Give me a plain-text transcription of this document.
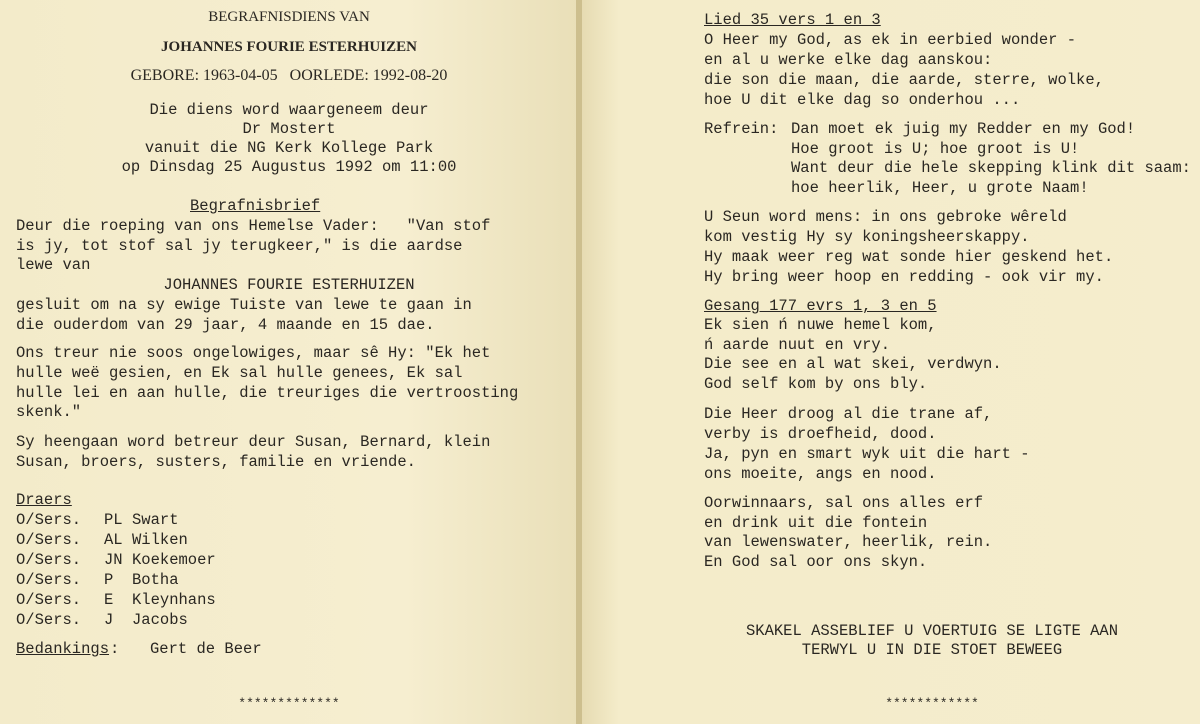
BEGRAFNISDIENS VAN
JOHANNES FOURIE ESTERHUIZEN
GEBORE: 1963-04-05   OORLEDE: 1992-08-20
Die diens word waargeneem deur
Dr Mostert
vanuit die NG Kerk Kollege Park
op Dinsdag 25 Augustus 1992 om 11:00
Begrafnisbrief
Deur die roeping van ons Hemelse Vader:   "Van stof
is jy, tot stof sal jy terugkeer," is die aardse
lewe van
JOHANNES FOURIE ESTERHUIZEN
gesluit om na sy ewige Tuiste van lewe te gaan in
die ouderdom van 29 jaar, 4 maande en 15 dae.
Ons treur nie soos ongelowiges, maar sê Hy: "Ek het
hulle weë gesien, en Ek sal hulle genees, Ek sal
hulle lei en aan hulle, die treuriges die vertroosting
skenk."
Sy heengaan word betreur deur Susan, Bernard, klein
Susan, broers, susters, familie en vriende.
Draers
O/Sers. PL Swart
O/Sers. AL Wilken
O/Sers. JN Koekemoer
O/Sers. P Botha
O/Sers. E Kleynhans
O/Sers. J Jacobs
Bedankings : Gert de Beer
*************
Lied 35 vers 1 en 3
O Heer my God, as ek in eerbied wonder -
en al u werke elke dag aanskou:
die son die maan, die aarde, sterre, wolke,
hoe U dit elke dag so onderhou ...
Refrein: Dan moet ek juig my Redder en my God!
Hoe groot is U; hoe groot is U!
Want deur die hele skepping klink dit saam:
hoe heerlik, Heer, u grote Naam!
U Seun word mens: in ons gebroke wêreld
kom vestig Hy sy koningsheerskappy.
Hy maak weer reg wat sonde hier geskend het.
Hy bring weer hoop en redding - ook vir my.
Gesang 177 evrs 1, 3 en 5
Ek sien ń nuwe hemel kom,
ń aarde nuut en vry.
Die see en al wat skei, verdwyn.
God self kom by ons bly.
Die Heer droog al die trane af,
verby is droefheid, dood.
Ja, pyn en smart wyk uit die hart -
ons moeite, angs en nood.
Oorwinnaars, sal ons alles erf
en drink uit die fontein
van lewenswater, heerlik, rein.
En God sal oor ons skyn.
SKAKEL ASSEBLIEF U VOERTUIG SE LIGTE AAN
TERWYL U IN DIE STOET BEWEEG
************
